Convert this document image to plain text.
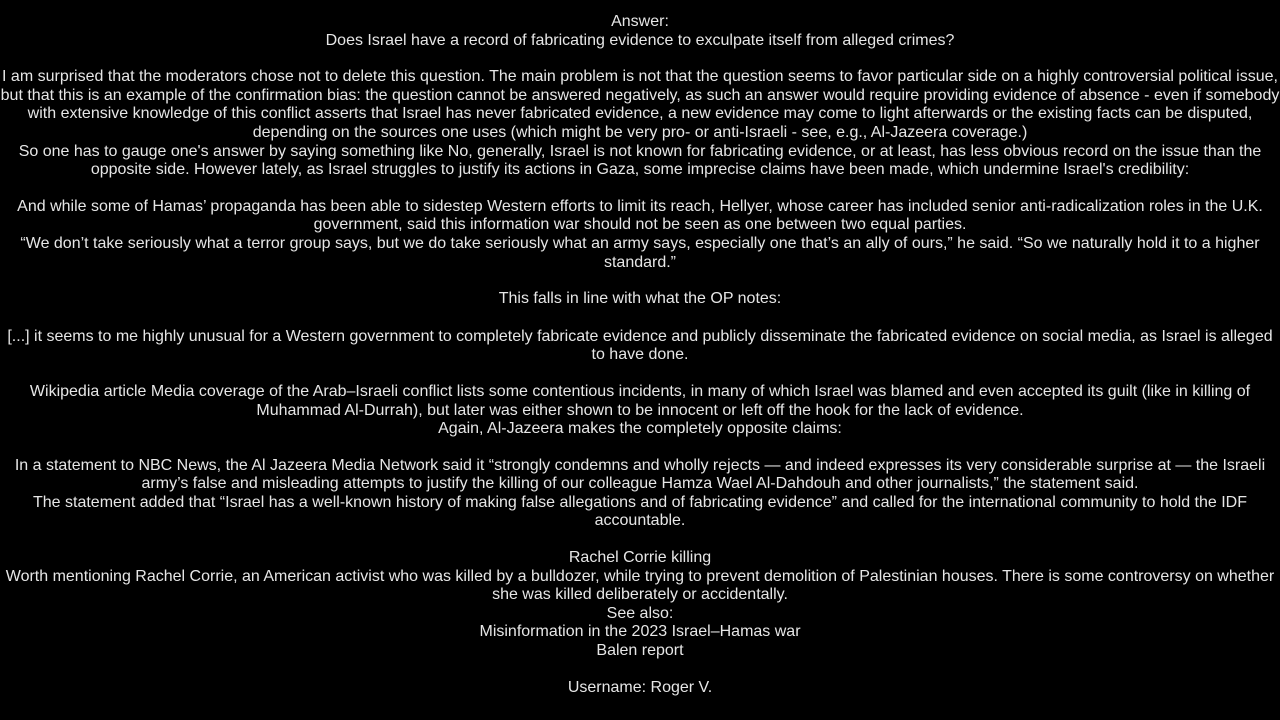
Answer:
Does Israel have a record of fabricating evidence to exculpate itself from alleged crimes?
I am surprised that the moderators chose not to delete this question. The main problem is not that the question seems to favor particular side on a highly controversial political issue, but that this is an example of the confirmation bias: the question cannot be answered negatively, as such an answer would require providing evidence of absence - even if somebody with extensive knowledge of this conflict asserts that Israel has never fabricated evidence, a new evidence may come to light afterwards or the existing facts can be disputed, depending on the sources one uses (which might be very pro- or anti-Israeli - see, e.g., Al-Jazeera coverage.)
So one has to gauge one's answer by saying something like No, generally, Israel is not known for fabricating evidence, or at least, has less obvious record on the issue than the opposite side. However lately, as Israel struggles to justify its actions in Gaza, some imprecise claims have been made, which undermine Israel's credibility:
And while some of Hamas’ propaganda has been able to sidestep Western efforts to limit its reach, Hellyer, whose career has included senior anti-radicalization roles in the U.K. government, said this information war should not be seen as one between two equal parties.
“We don’t take seriously what a terror group says, but we do take seriously what an army says, especially one that’s an ally of ours,” he said. “So we naturally hold it to a higher standard.”
This falls in line with what the OP notes:
[...] it seems to me highly unusual for a Western government to completely fabricate evidence and publicly disseminate the fabricated evidence on social media, as Israel is alleged to have done.
Wikipedia article Media coverage of the Arab–Israeli conflict lists some contentious incidents, in many of which Israel was blamed and even accepted its guilt (like in killing of Muhammad Al-Durrah), but later was either shown to be innocent or left off the hook for the lack of evidence.
Again, Al-Jazeera makes the completely opposite claims:
In a statement to NBC News, the Al Jazeera Media Network said it “strongly condemns and wholly rejects — and indeed expresses its very considerable surprise at — the Israeli army’s false and misleading attempts to justify the killing of our colleague Hamza Wael Al-Dahdouh and other journalists,” the statement said.
The statement added that “Israel has a well-known history of making false allegations and of fabricating evidence” and called for the international community to hold the IDF accountable.
Rachel Corrie killing
Worth mentioning Rachel Corrie, an American activist who was killed by a bulldozer, while trying to prevent demolition of Palestinian houses. There is some controversy on whether she was killed deliberately or accidentally.
See also:
Misinformation in the 2023 Israel–Hamas war
Balen report
Username: Roger V.
